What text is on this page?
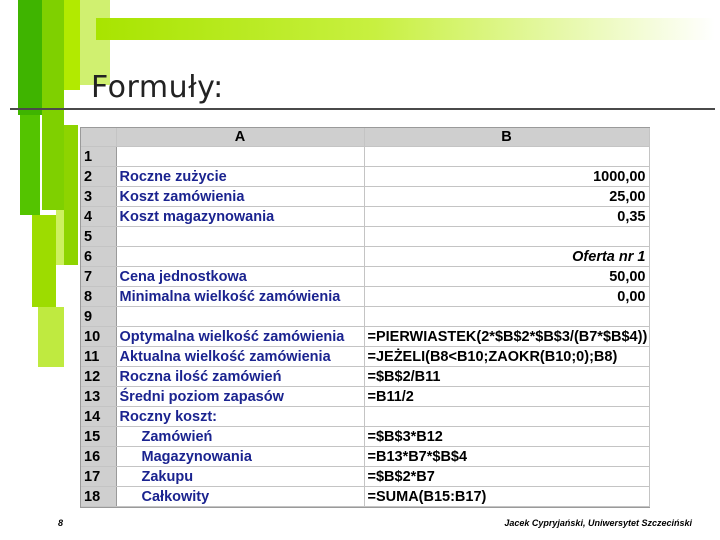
Formuły:
	A	B
1		
2	Roczne zużycie	1000,00
3	Koszt zamówienia	25,00
4	Koszt magazynowania	0,35
5		
6		Oferta nr 1
7	Cena jednostkowa	50,00
8	Minimalna wielkość zamówienia	0,00
9		
10	Optymalna wielkość zamówienia	=PIERWIASTEK(2*$B$2*$B$3/(B7*$B$4))
11	Aktualna wielkość zamówienia	=JEŻELI(B8<B10;ZAOKR(B10;0);B8)
12	Roczna ilość zamówień	=$B$2/B11
13	Średni poziom zapasów	=B11/2
14	Roczny koszt:	
15	Zamówień	=$B$3*B12
16	Magazynowania	=B13*B7*$B$4
17	Zakupu	=$B$2*B7
18	Całkowity	=SUMA(B15:B17)
8	Jacek Cypryjański, Uniwersytet Szczeciński
